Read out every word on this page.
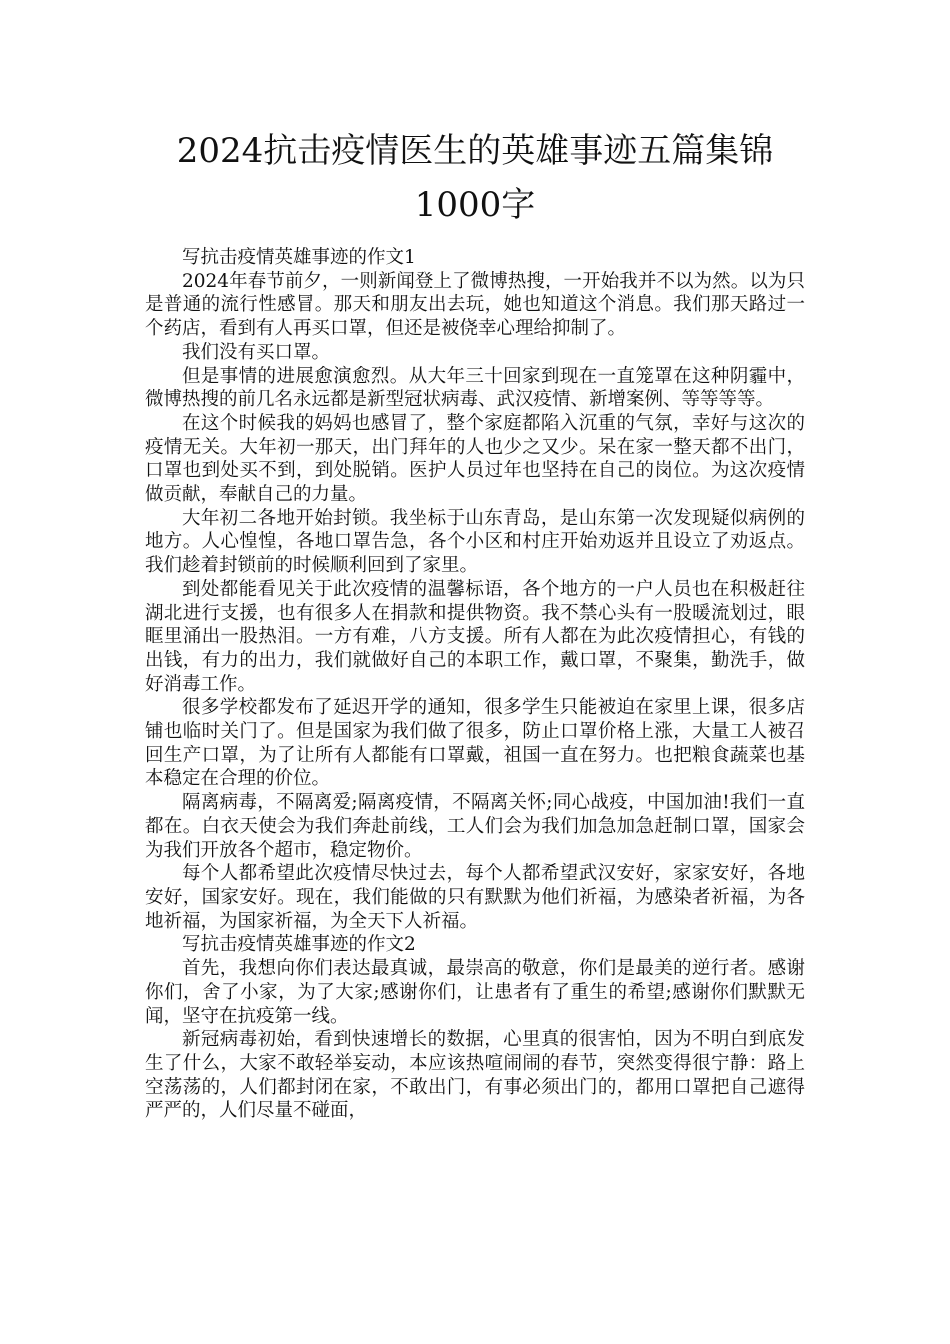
2024抗击疫情医生的英雄事迹五篇集锦
1000字

写抗击疫情英雄事迹的作文1

2024年春节前夕，一则新闻登上了微博热搜，一开始我并不以为然。以为只是普通的流行性感冒。那天和朋友出去玩，她也知道这个消息。我们那天路过一个药店，看到有人再买口罩，但还是被侥幸心理给抑制了。

我们没有买口罩。

但是事情的进展愈演愈烈。从大年三十回家到现在一直笼罩在这种阴霾中，微博热搜的前几名永远都是新型冠状病毒、武汉疫情、新增案例、等等等等。

在这个时候我的妈妈也感冒了，整个家庭都陷入沉重的气氛，幸好与这次的疫情无关。大年初一那天，出门拜年的人也少之又少。呆在家一整天都不出门，口罩也到处买不到，到处脱销。医护人员过年也坚持在自己的岗位。为这次疫情做贡献，奉献自己的力量。

大年初二各地开始封锁。我坐标于山东青岛，是山东第一次发现疑似病例的地方。人心惶惶，各地口罩告急，各个小区和村庄开始劝返并且设立了劝返点。我们趁着封锁前的时候顺利回到了家里。

到处都能看见关于此次疫情的温馨标语，各个地方的一户人员也在积极赶往湖北进行支援，也有很多人在捐款和提供物资。我不禁心头有一股暖流划过，眼眶里涌出一股热泪。一方有难，八方支援。所有人都在为此次疫情担心，有钱的出钱，有力的出力，我们就做好自己的本职工作，戴口罩，不聚集，勤洗手，做好消毒工作。

很多学校都发布了延迟开学的通知，很多学生只能被迫在家里上课，很多店铺也临时关门了。但是国家为我们做了很多，防止口罩价格上涨，大量工人被召回生产口罩，为了让所有人都能有口罩戴，祖国一直在努力。也把粮食蔬菜也基本稳定在合理的价位。

隔离病毒，不隔离爱;隔离疫情，不隔离关怀;同心战疫，中国加油!我们一直都在。白衣天使会为我们奔赴前线，工人们会为我们加急加急赶制口罩，国家会为我们开放各个超市，稳定物价。

每个人都希望此次疫情尽快过去，每个人都希望武汉安好，家家安好，各地安好，国家安好。现在，我们能做的只有默默为他们祈福，为感染者祈福，为各地祈福，为国家祈福，为全天下人祈福。

写抗击疫情英雄事迹的作文2

首先，我想向你们表达最真诚，最崇高的敬意，你们是最美的逆行者。感谢你们，舍了小家，为了大家;感谢你们，让患者有了重生的希望;感谢你们默默无闻，坚守在抗疫第一线。

新冠病毒初始，看到快速增长的数据，心里真的很害怕，因为不明白到底发生了什么，大家不敢轻举妄动，本应该热喧闹闹的春节，突然变得很宁静：路上空荡荡的，人们都封闭在家，不敢出门，有事必须出门的，都用口罩把自己遮得严严的，人们尽量不碰面，
